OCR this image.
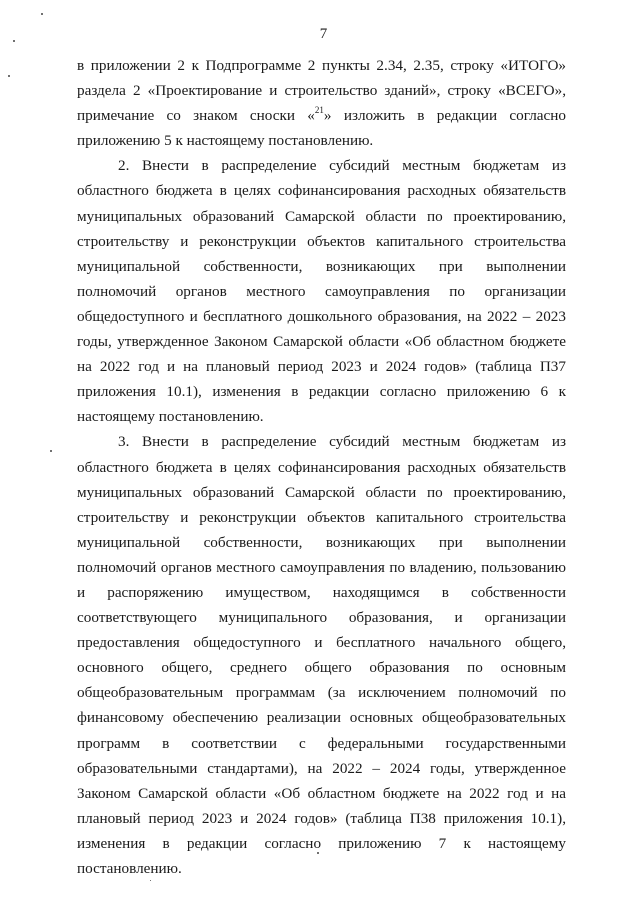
7

в приложении 2 к Подпрограмме 2 пункты 2.34, 2.35, строку «ИТОГО» раздела 2 «Проектирование и строительство зданий», строку «ВСЕГО», примечание со знаком сноски «$^{21}$» изложить в редакции согласно приложению 5 к настоящему постановлению.

2. Внести в распределение субсидий местным бюджетам из областного бюджета в целях софинансирования расходных обязательств муниципальных образований Самарской области по проектированию, строительству и реконструкции объектов капитального строительства муниципальной собственности, возникающих при выполнении полномочий органов местного самоуправления по организации общедоступного и бесплатного дошкольного образования, на 2022 – 2023 годы, утвержденное Законом Самарской области «Об областном бюджете на 2022 год и на плановый период 2023 и 2024 годов» (таблица П37 приложения 10.1), изменения в редакции согласно приложению 6 к настоящему постановлению.

3. Внести в распределение субсидий местным бюджетам из областного бюджета в целях софинансирования расходных обязательств муниципальных образований Самарской области по проектированию, строительству и реконструкции объектов капитального строительства муниципальной собственности, возникающих при выполнении полномочий органов местного самоуправления по владению, пользованию и распоряжению имуществом, находящимся в собственности соответствующего муниципального образования, и организации предоставления общедоступного и бесплатного начального общего, основного общего, среднего общего образования по основным общеобразовательным программам (за исключением полномочий по финансовому обеспечению реализации основных общеобразовательных программ в соответствии с федеральными государственными образовательными стандартами), на 2022 – 2024 годы, утвержденное Законом Самарской области «Об областном бюджете на 2022 год и на плановый период 2023 и 2024 годов» (таблица П38 приложения 10.1), изменения в редакции согласно приложению 7 к настоящему постановлению.
